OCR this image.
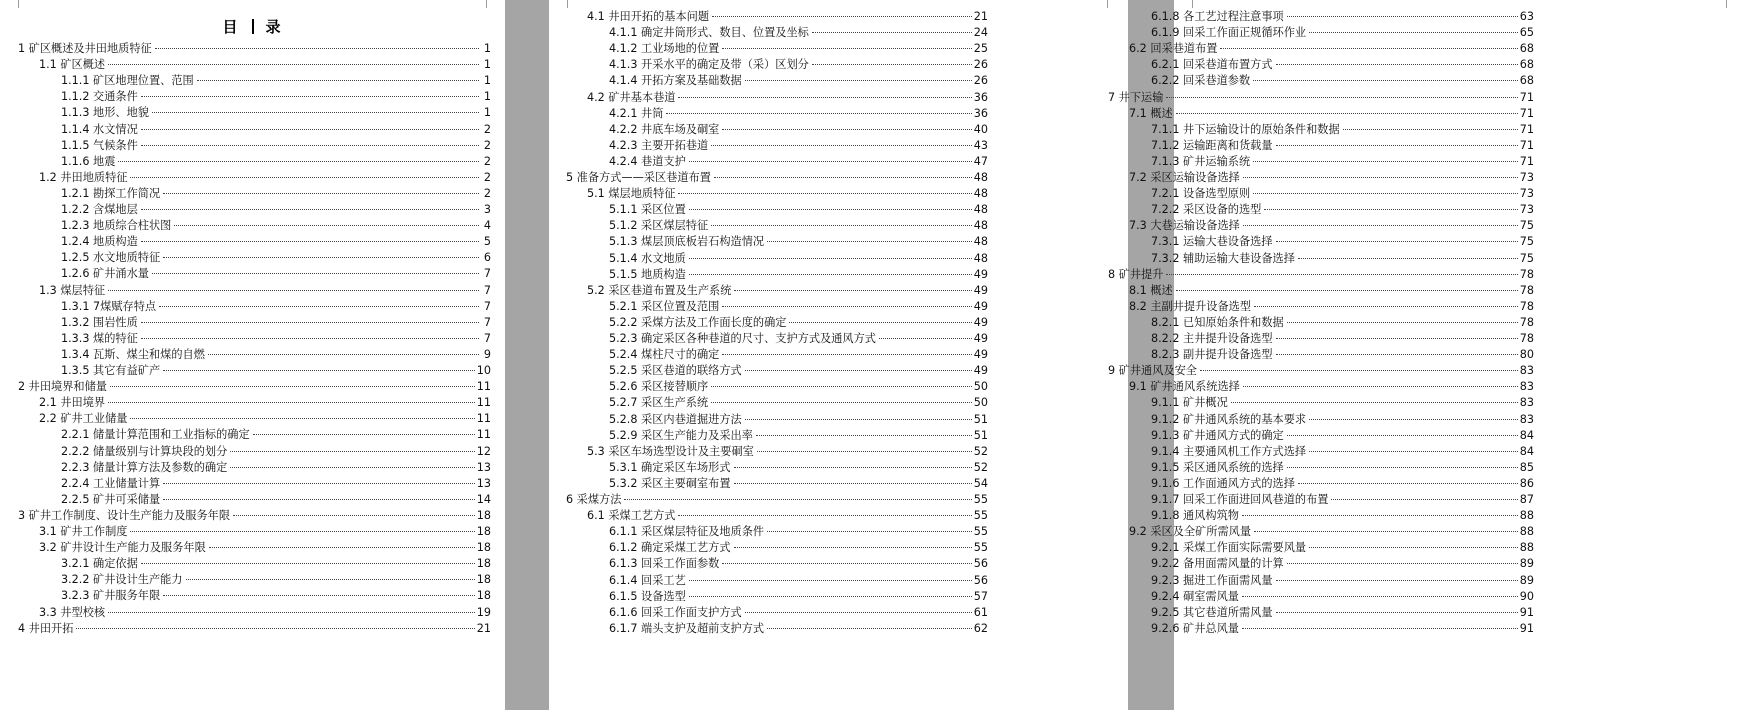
目 录
1 矿区概述及井田地质特征	1
1.1 矿区概述	1
1.1.1 矿区地理位置、范围	1
1.1.2 交通条件	1
1.1.3 地形、地貌	1
1.1.4 水文情况	2
1.1.5 气候条件	2
1.1.6 地震	2
1.2 井田地质特征	2
1.2.1 勘探工作简况	2
1.2.2 含煤地层	3
1.2.3 地质综合柱状图	4
1.2.4 地质构造	5
1.2.5 水文地质特征	6
1.2.6 矿井涌水量	7
1.3 煤层特征	7
1.3.1 7煤赋存特点	7
1.3.2 围岩性质	7
1.3.3 煤的特征	7
1.3.4 瓦斯、煤尘和煤的自燃	9
1.3.5 其它有益矿产	10
2 井田境界和储量	11
2.1 井田境界	11
2.2 矿井工业储量	11
2.2.1 储量计算范围和工业指标的确定	11
2.2.2 储量级别与计算块段的划分	12
2.2.3 储量计算方法及参数的确定	13
2.2.4 工业储量计算	13
2.2.5 矿井可采储量	14
3 矿井工作制度、设计生产能力及服务年限	18
3.1 矿井工作制度	18
3.2 矿井设计生产能力及服务年限	18
3.2.1 确定依据	18
3.2.2 矿井设计生产能力	18
3.2.3 矿井服务年限	18
3.3 井型校核	19
4 井田开拓	21
4.1 井田开拓的基本问题	21
4.1.1 确定井筒形式、数目、位置及坐标	24
4.1.2 工业场地的位置	25
4.1.3 开采水平的确定及带（采）区划分	26
4.1.4 开拓方案及基础数据	26
4.2 矿井基本巷道	36
4.2.1 井筒	36
4.2.2 井底车场及硐室	40
4.2.3 主要开拓巷道	43
4.2.4 巷道支护	47
5 准备方式——采区巷道布置	48
5.1 煤层地质特征	48
5.1.1 采区位置	48
5.1.2 采区煤层特征	48
5.1.3 煤层顶底板岩石构造情况	48
5.1.4 水文地质	48
5.1.5 地质构造	49
5.2 采区巷道布置及生产系统	49
5.2.1 采区位置及范围	49
5.2.2 采煤方法及工作面长度的确定	49
5.2.3 确定采区各种巷道的尺寸、支护方式及通风方式	49
5.2.4 煤柱尺寸的确定	49
5.2.5 采区巷道的联络方式	49
5.2.6 采区接替顺序	50
5.2.7 采区生产系统	50
5.2.8 采区内巷道掘进方法	51
5.2.9 采区生产能力及采出率	51
5.3 采区车场选型设计及主要硐室	52
5.3.1 确定采区车场形式	52
5.3.2 采区主要硐室布置	54
6 采煤方法	55
6.1 采煤工艺方式	55
6.1.1 采区煤层特征及地质条件	55
6.1.2 确定采煤工艺方式	55
6.1.3 回采工作面参数	56
6.1.4 回采工艺	56
6.1.5 设备选型	57
6.1.6 回采工作面支护方式	61
6.1.7 端头支护及超前支护方式	62
6.1.8 各工艺过程注意事项	63
6.1.9 回采工作面正规循环作业	65
6.2 回采巷道布置	68
6.2.1 回采巷道布置方式	68
6.2.2 回采巷道参数	68
7 井下运输	71
7.1 概述	71
7.1.1 井下运输设计的原始条件和数据	71
7.1.2 运输距离和货载量	71
7.1.3 矿井运输系统	71
7.2 采区运输设备选择	73
7.2.1 设备选型原则	73
7.2.2 采区设备的选型	73
7.3 大巷运输设备选择	75
7.3.1 运输大巷设备选择	75
7.3.2 辅助运输大巷设备选择	75
8 矿井提升	78
8.1 概述	78
8.2 主副井提升设备选型	78
8.2.1 已知原始条件和数据	78
8.2.2 主井提升设备选型	78
8.2.3 副井提升设备选型	80
9 矿井通风及安全	83
9.1 矿井通风系统选择	83
9.1.1 矿井概况	83
9.1.2 矿井通风系统的基本要求	83
9.1.3 矿井通风方式的确定	84
9.1.4 主要通风机工作方式选择	84
9.1.5 采区通风系统的选择	85
9.1.6 工作面通风方式的选择	86
9.1.7 回采工作面进回风巷道的布置	87
9.1.8 通风构筑物	88
9.2 采区及全矿所需风量	88
9.2.1 采煤工作面实际需要风量	88
9.2.2 备用面需风量的计算	89
9.2.3 掘进工作面需风量	89
9.2.4 硐室需风量	90
9.2.5 其它巷道所需风量	91
9.2.6 矿井总风量	91
